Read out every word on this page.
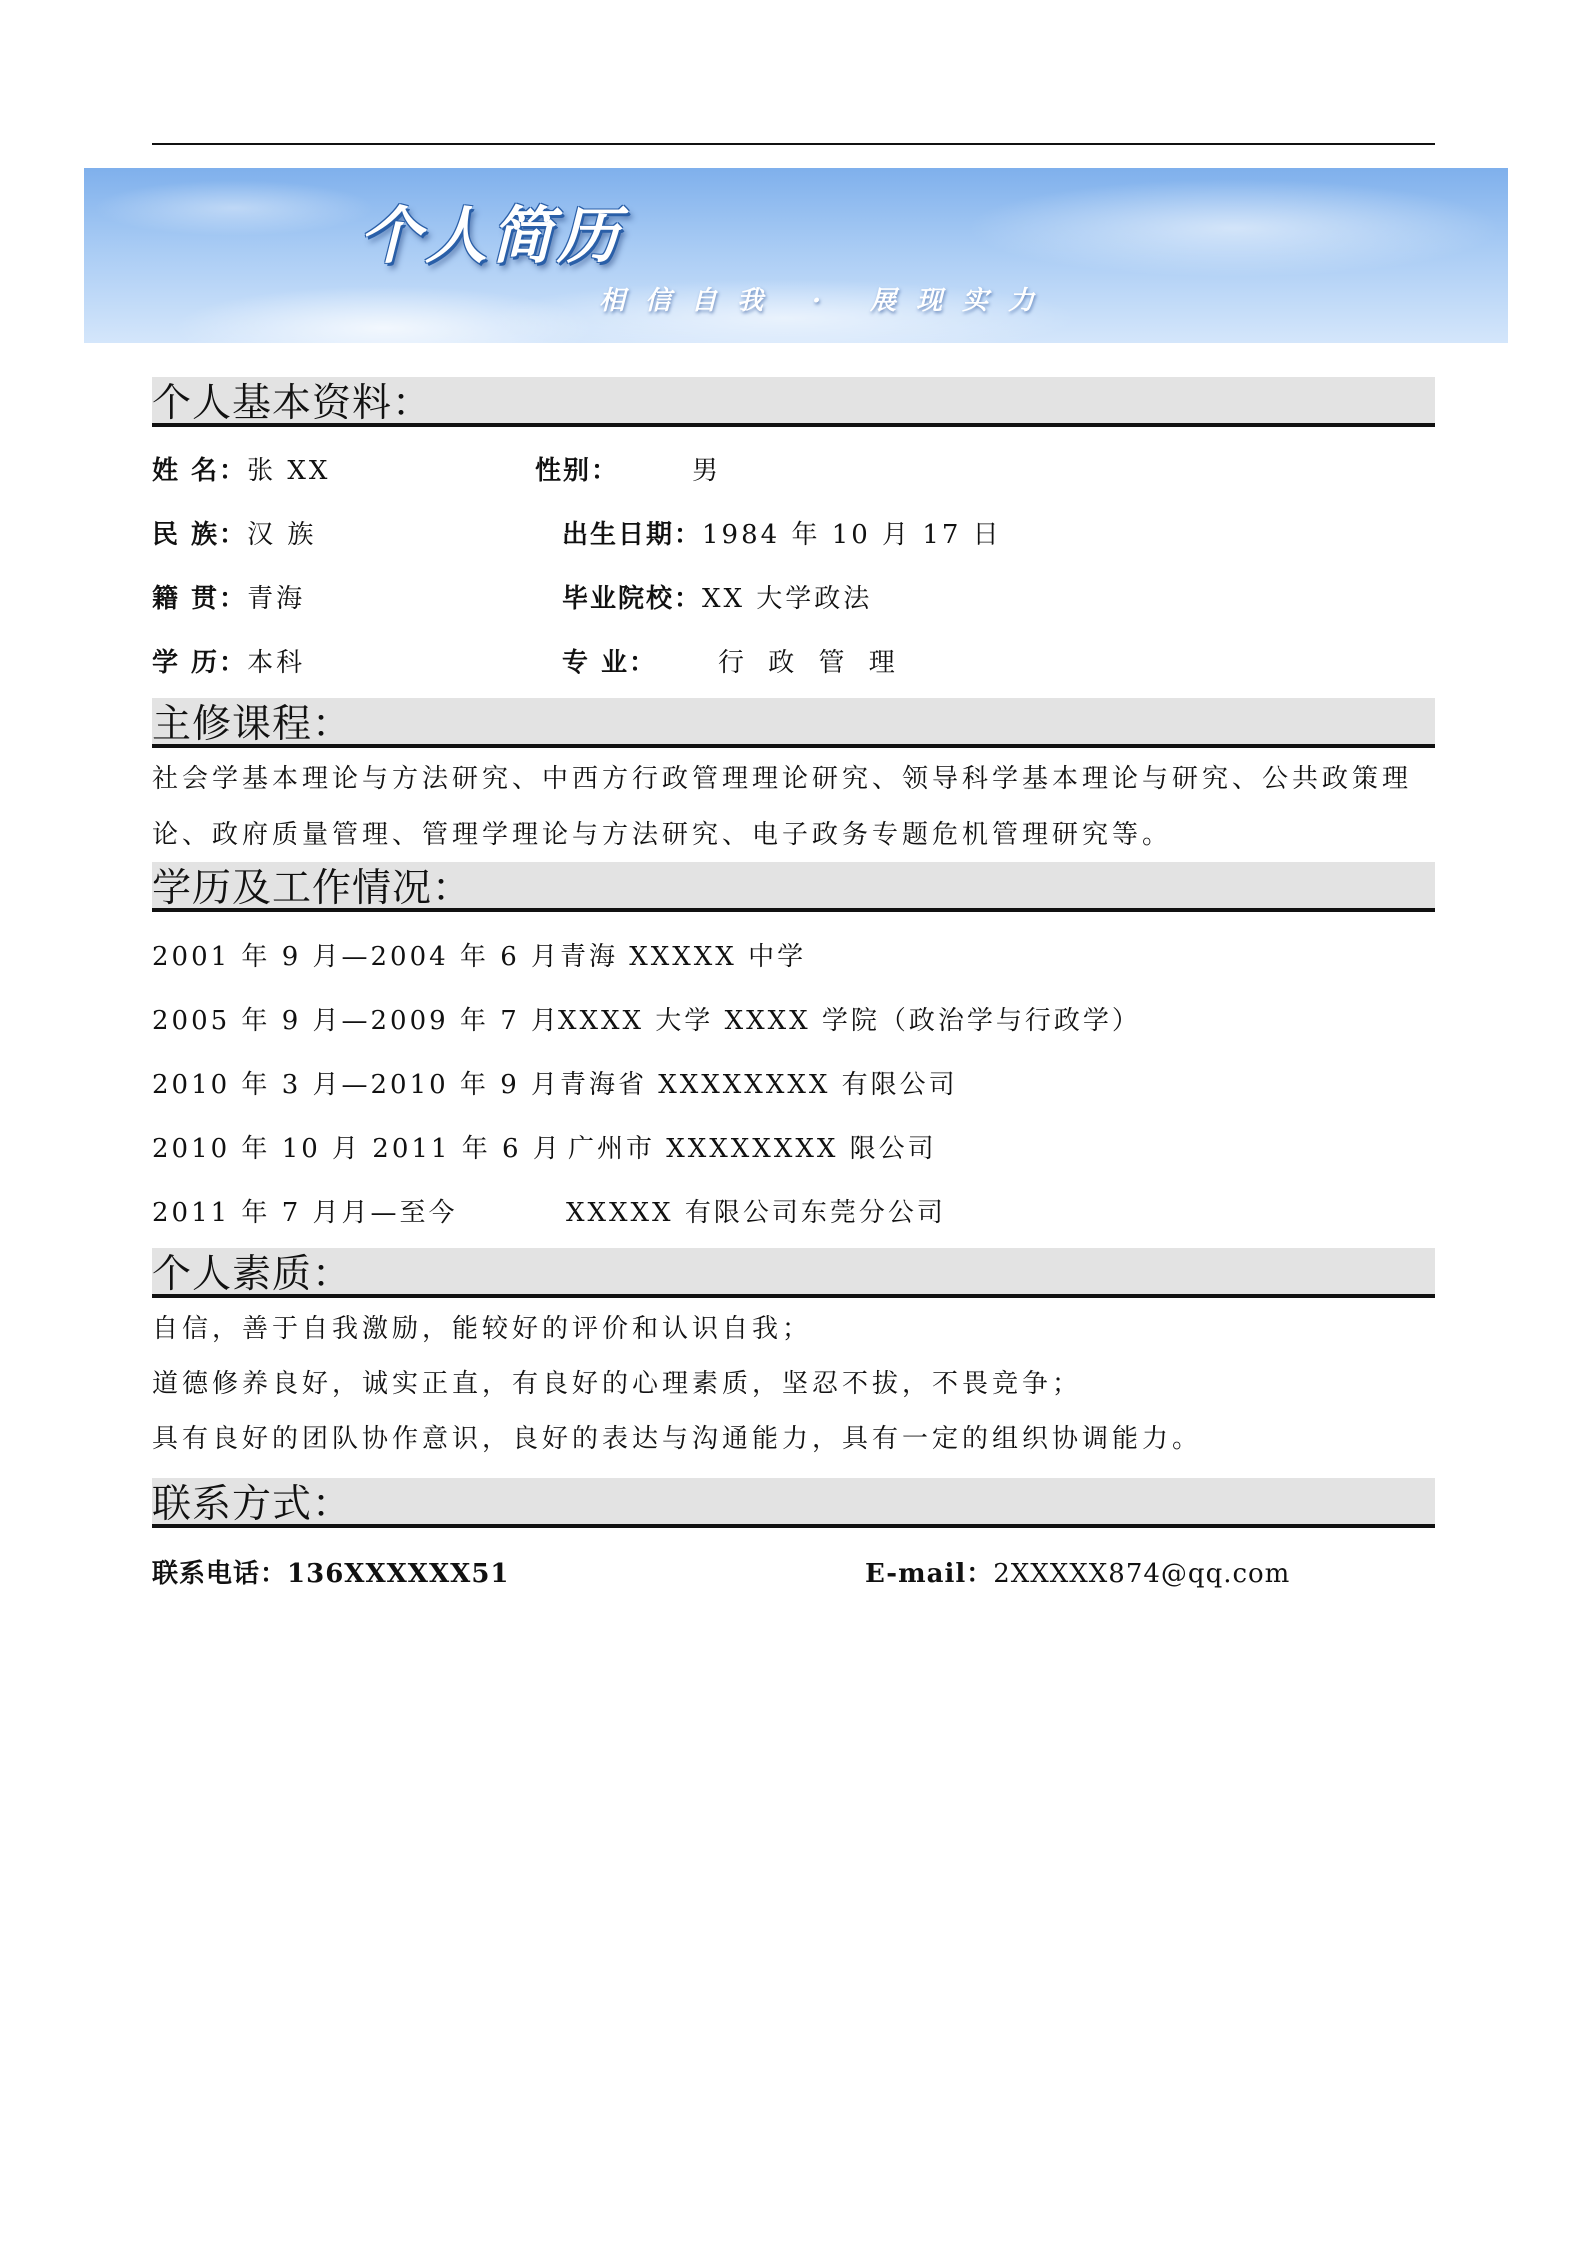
个人简历
相信自我 · 展现实力
个人基本资料：
姓 名：张 XX	性别：	男
民 族：汉 族	出生日期：1984 年 10 月 17 日
籍 贯：青海	毕业院校：XX 大学政法
学 历：本科	专 业： 行 政 管 理
主修课程：
社会学基本理论与方法研究、中西方行政管理理论研究、领导科学基本理论与研究、公共政策理论、政府质量管理、管理学理论与方法研究、电子政务专题危机管理研究等。
学历及工作情况：
2001 年 9 月—2004 年 6 月 青海 XXXXX 中学
2005 年 9 月—2009 年 7 月
XXXX 大学 XXXX 学院（政治学与行政学）
2010 年 3 月—2010 年 9 月 青海省 XXXXXXXX 有限公司
2010 年 10 月 2011 年 6 月 广州市 XXXXXXXX 限公司
2011 年 7 月月—至今	XXXXX 有限公司东莞分公司
个人素质：
自信，善于自我激励，能较好的评价和认识自我；
道德修养良好，诚实正直，有良好的心理素质，坚忍不拔，不畏竞争；
具有良好的团队协作意识，良好的表达与沟通能力，具有一定的组织协调能力。
联系方式：
联系电话：136XXXXXX51	E-mail：2XXXXX874@qq.com
